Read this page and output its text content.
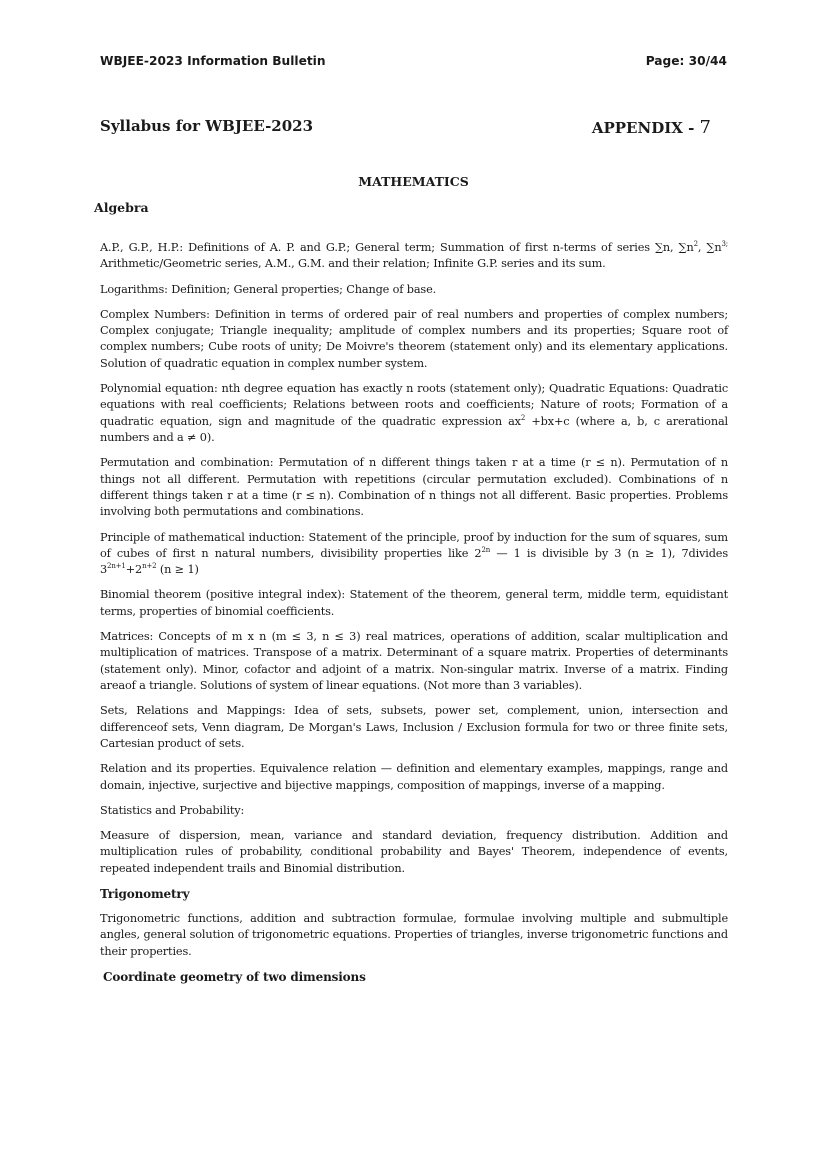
WBJEE-2023 Information Bulletin	Page: 30/44
Syllabus for WBJEE-2023	APPENDIX - 7
MATHEMATICS
Algebra

A.P., G.P., H.P.: Definitions of A. P. and G.P.; General term; Summation of first n-terms of series ∑n, $\sum n^2$, $\sum n^{3;}$ Arithmetic/Geometric series, A.M., G.M. and their relation; Infinite G.P. series and its sum.

Logarithms: Definition; General properties; Change of base.

Complex Numbers: Definition in terms of ordered pair of real numbers and properties of complex numbers; Complex conjugate; Triangle inequality; amplitude of complex numbers and its properties; Square root of complex numbers; Cube roots of unity; De Moivre's theorem (statement only) and its elementary applications. Solution of quadratic equation in complex number system.

Polynomial equation: nth degree equation has exactly n roots (statement only); Quadratic Equations: Quadratic equations with real coefficients; Relations between roots and coefficients; Nature of roots; Formation of a quadratic equation, sign and magnitude of the quadratic expression $ax^2 +bx+c$ (where a, b, c arerational numbers and a ≠ 0).

Permutation and combination: Permutation of n different things taken r at a time (r ≤ n). Permutation of n things not all different. Permutation with repetitions (circular permutation excluded). Combinations of n different things taken r at a time (r ≤ n). Combination of n things not all different. Basic properties. Problems involving both permutations and combinations.

Principle of mathematical induction: Statement of the principle, proof by induction for the sum of squares, sum of cubes of first n natural numbers, divisibility properties like $2^{2n}$ — 1 is divisible by 3 (n ≥ 1), 7divides $3^{2n+1}+2^{n+2}$ (n ≥ 1)

Binomial theorem (positive integral index): Statement of the theorem, general term, middle term, equidistant terms, properties of binomial coefficients.

Matrices: Concepts of m x n (m ≤ 3, n ≤ 3) real matrices, operations of addition, scalar multiplication and multiplication of matrices. Transpose of a matrix. Determinant of a square matrix. Properties of determinants (statement only). Minor, cofactor and adjoint of a matrix. Non-singular matrix. Inverse of a matrix. Finding areaof a triangle. Solutions of system of linear equations. (Not more than 3 variables).

Sets, Relations and Mappings: Idea of sets, subsets, power set, complement, union, intersection and differenceof sets, Venn diagram, De Morgan's Laws, Inclusion / Exclusion formula for two or three finite sets, Cartesian product of sets.

Relation and its properties. Equivalence relation — definition and elementary examples, mappings, range and domain, injective, surjective and bijective mappings, composition of mappings, inverse of a mapping.

Statistics and Probability:

Measure of dispersion, mean, variance and standard deviation, frequency distribution. Addition and multiplication rules of probability, conditional probability and Bayes' Theorem, independence of events, repeated independent trails and Binomial distribution.

Trigonometry

Trigonometric functions, addition and subtraction formulae, formulae involving multiple and submultiple angles, general solution of trigonometric equations. Properties of triangles, inverse trigonometric functions and their properties.

Coordinate geometry of two dimensions
